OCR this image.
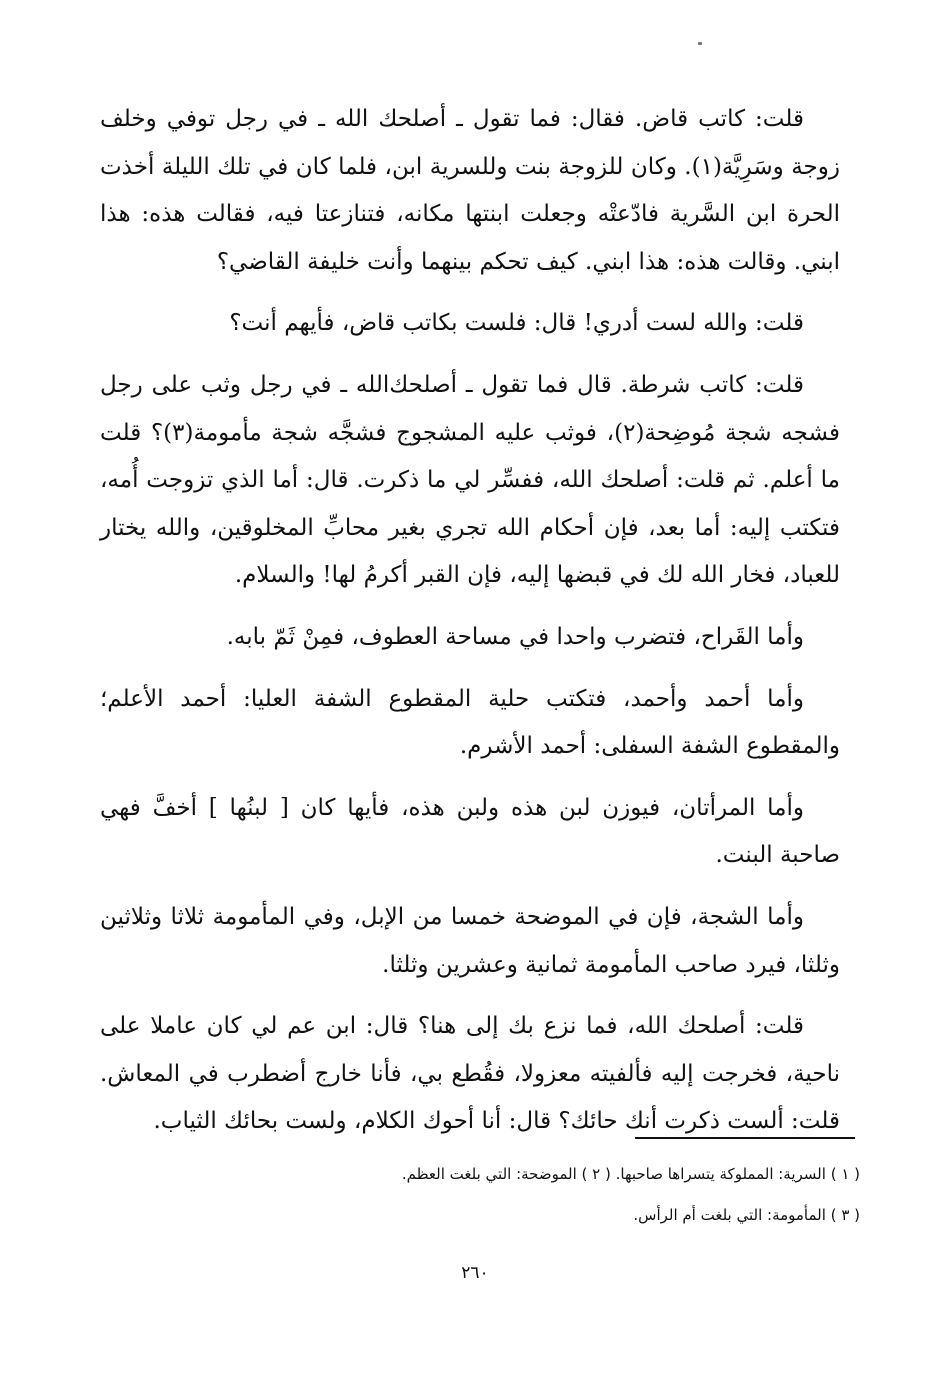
قلت: كاتب قاض. فقال: فما تقول ـ أصلحك الله ـ في رجل توفي وخلف زوجة وسَرِيَّة(١). وكان للزوجة بنت وللسرية ابن، فلما كان في تلك الليلة أخذت الحرة ابن السَّرية فادّعتْه وجعلت ابنتها مكانه، فتنازعتا فيه، فقالت هذه: هذا ابني. وقالت هذه: هذا ابني. كيف تحكم بينهما وأنت خليفة القاضي؟

قلت: والله لست أدري! قال: فلست بكاتب قاض، فأيهم أنت؟

قلت: كاتب شرطة. قال فما تقول ـ أصلحك‌الله ـ في رجل وثب على رجل فشجه شجة مُوضِحة(٢)، فوثب عليه المشجوج فشجَّه شجة مأمومة(٣)؟ قلت ما أعلم. ثم قلت: أصلحك الله، ففسِّر لي ما ذكرت. قال: أما الذي تزوجت أُمه، فتكتب إليه: أما بعد، فإن أحكام الله تجري بغير محابِّ المخلوقين، والله يختار للعباد، فخار الله لك في قبضها إليه، فإن القبر أكرمُ لها! والسلام.

وأما القَراح، فتضرب واحدا في مساحة العطوف، فمِنْ ثَمّ بابه.

وأما أحمد وأحمد، فتكتب حلية المقطوع الشفة العليا: أحمد الأعلم؛ والمقطوع الشفة السفلى: أحمد الأشرم.

وأما المرأتان، فيوزن لبن هذه ولبن هذه، فأيها كان [ لبنُها ] أخفَّ فهي صاحبة البنت.

وأما الشجة، فإن في الموضحة خمسا من الإبل، وفي المأمومة ثلاثا وثلاثين وثلثا، فيرد صاحب المأمومة ثمانية وعشرين وثلثا.

قلت: أصلحك الله، فما نزع بك إلى هنا؟ قال: ابن عم لي كان عاملا على ناحية، فخرجت إليه فألفيته معزولا، فقُطع بي، فأنا خارج أضطرب في المعاش. قلت: ألست ذكرت أنك حائك؟ قال: أنا أحوك الكلام، ولست بحائك الثياب.

( ١ ) السرية: المملوكة يتسراها صاحبها. ( ٢ ) الموضحة: التي بلغت العظم.

( ٣ ) المأمومة: التي بلغت أم الرأس.

٢٦٠
